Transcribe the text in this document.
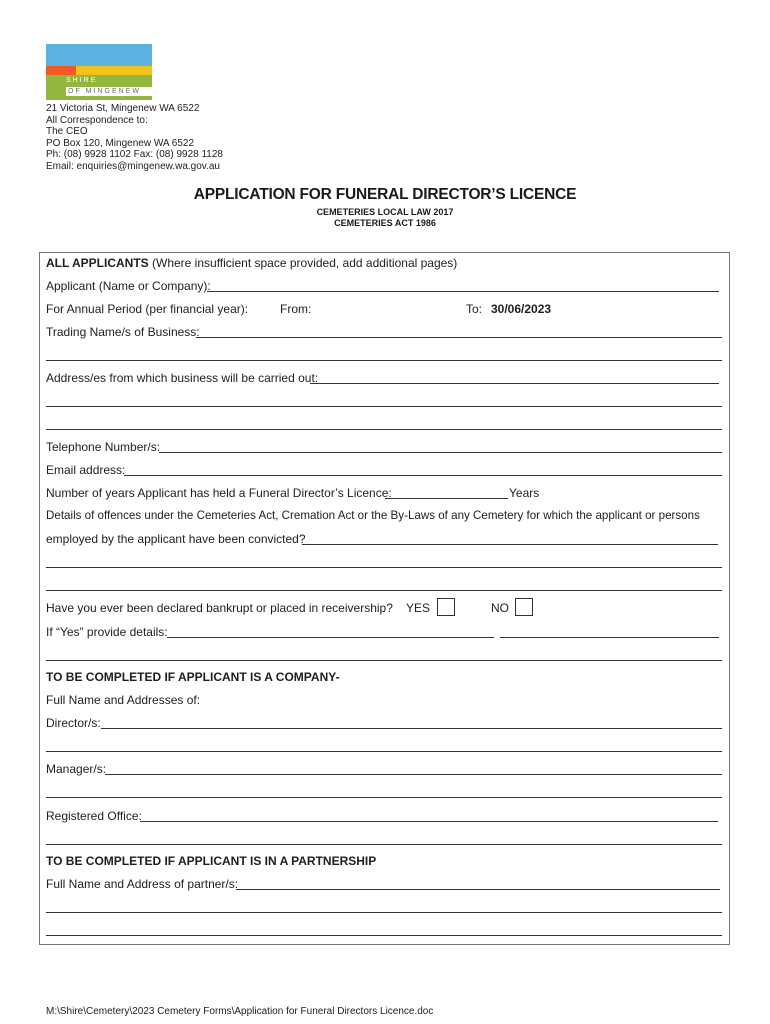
SHIRE
OF MINGENEW
21 Victoria St, Mingenew WA 6522
All Correspondence to:
The CEO
PO Box 120, Mingenew WA 6522
Ph: (08) 9928 1102 Fax: (08) 9928 1128
Email: enquiries@mingenew.wa.gov.au
APPLICATION FOR FUNERAL DIRECTOR’S LICENCE
CEMETERIES LOCAL LAW 2017
CEMETERIES ACT 1986
ALL APPLICANTS (Where insufficient space provided, add additional pages)
Applicant (Name or Company):
For Annual Period (per financial year):	From:	To: 30/06/2023
Trading Name/s of Business:
Address/es from which business will be carried out:
Telephone Number/s:
Email address:
Number of years Applicant has held a Funeral Director’s Licence:	Years
Details of offences under the Cemeteries Act, Cremation Act or the By-Laws of any Cemetery for which the applicant or persons
employed by the applicant have been convicted?
Have you ever been declared bankrupt or placed in receivership? YES	NO
If “Yes” provide details:
TO BE COMPLETED IF APPLICANT IS A COMPANY-
Full Name and Addresses of:
Director/s:
Manager/s:
Registered Office:
TO BE COMPLETED IF APPLICANT IS IN A PARTNERSHIP
Full Name and Address of partner/s:
M:\Shire\Cemetery\2023 Cemetery Forms\Application for Funeral Directors Licence.doc
